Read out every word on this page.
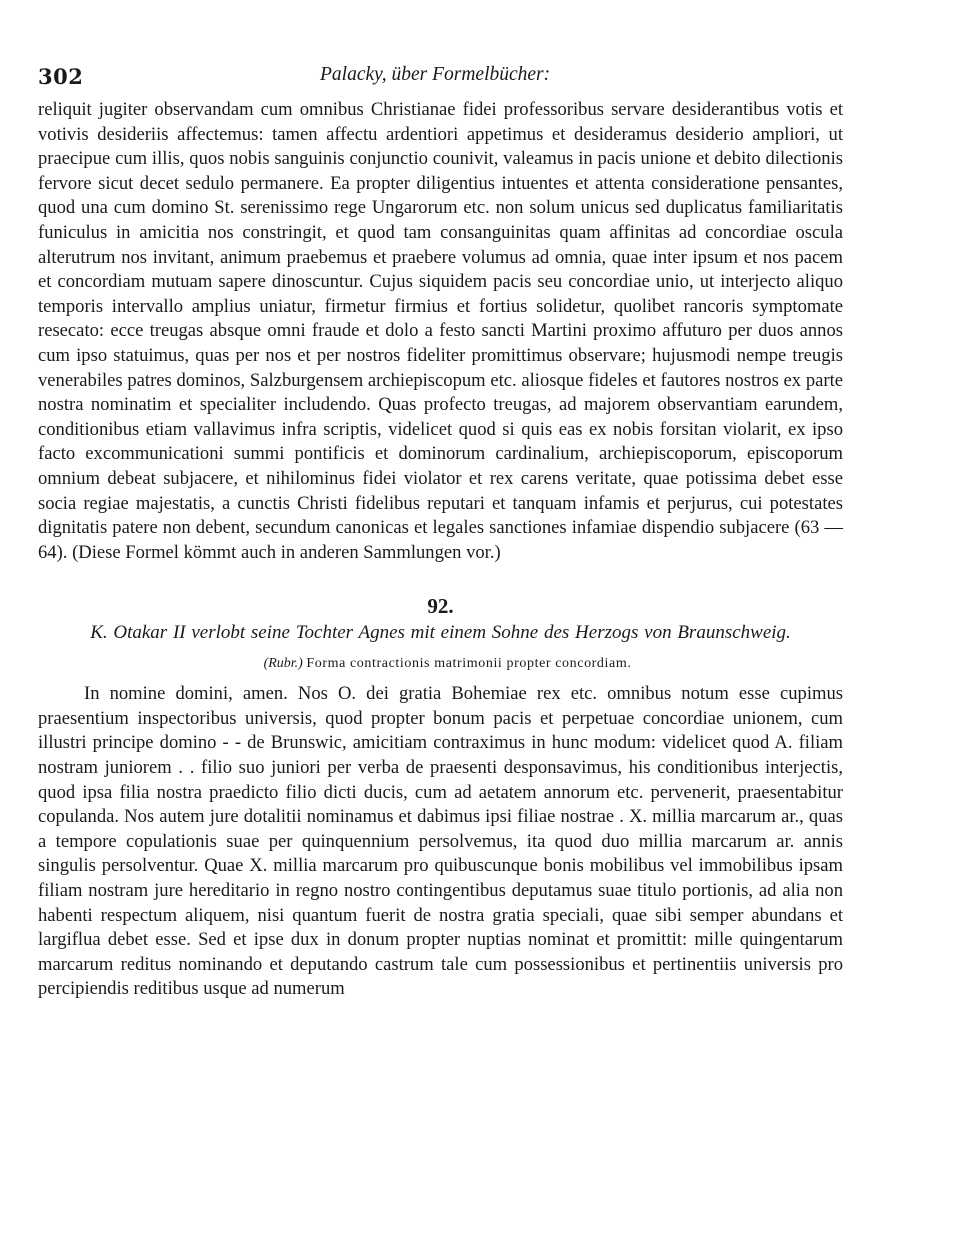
302	Palacky, über Formelbücher:

reliquit jugiter observandam cum omnibus Christianae fidei professoribus servare desiderantibus votis et votivis desideriis affectemus: tamen affectu ardentiori appetimus et desideramus desiderio ampliori, ut praecipue cum illis, quos nobis sanguinis conjunctio counivit, valeamus in pacis unione et debito dilectionis fervore sicut decet sedulo permanere. Ea propter diligentius intuentes et attenta consideratione pensantes, quod una cum domino St. serenissimo rege Ungarorum etc. non solum unicus sed duplicatus familiaritatis funiculus in amicitia nos constringit, et quod tam consanguinitas quam affinitas ad concordiae oscula alterutrum nos invitant, animum praebemus et praebere volumus ad omnia, quae inter ipsum et nos pacem et concordiam mutuam sapere dinoscuntur. Cujus siquidem pacis seu concordiae unio, ut interjecto aliquo temporis intervallo amplius uniatur, firmetur firmius et fortius solidetur, quolibet rancoris symptomate resecato: ecce treugas absque omni fraude et dolo a festo sancti Martini proximo affuturo per duos annos cum ipso statuimus, quas per nos et per nostros fideliter promittimus observare; hujusmodi nempe treugis venerabiles patres dominos, Salzburgensem archiepiscopum etc. aliosque fideles et fautores nostros ex parte nostra nominatim et specialiter includendo. Quas profecto treugas, ad majorem observantiam earundem, conditionibus etiam vallavimus infra scriptis, videlicet quod si quis eas ex nobis forsitan violarit, ex ipso facto excommunicationi summi pontificis et dominorum cardinalium, archiepiscoporum, episcoporum omnium debeat subjacere, et nihilominus fidei violator et rex carens veritate, quae potissima debet esse socia regiae majestatis, a cunctis Christi fidelibus reputari et tanquam infamis et perjurus, cui potestates dignitatis patere non debent, secundum canonicas et legales sanctiones infamiae dispendio subjacere (63 — 64). (Diese Formel kömmt auch in anderen Sammlungen vor.)

92.
K. Otakar II verlobt seine Tochter Agnes mit einem Sohne des Herzogs von Braunschweig.
(Rubr.) Forma contractionis matrimonii propter concordiam.

In nomine domini, amen. Nos O. dei gratia Bohemiae rex etc. omnibus notum esse cupimus praesentium inspectoribus universis, quod propter bonum pacis et perpetuae concordiae unionem, cum illustri principe domino - - de Brunswic, amicitiam contraximus in hunc modum: videlicet quod A. filiam nostram juniorem . . filio suo juniori per verba de praesenti desponsavimus, his conditionibus interjectis, quod ipsa filia nostra praedicto filio dicti ducis, cum ad aetatem annorum etc. pervenerit, praesentabitur copulanda. Nos autem jure dotalitii nominamus et dabimus ipsi filiae nostrae . X. millia marcarum ar., quas a tempore copulationis suae per quinquennium persolvemus, ita quod duo millia marcarum ar. annis singulis persolventur. Quae X. millia marcarum pro quibuscunque bonis mobilibus vel immobilibus ipsam filiam nostram jure hereditario in regno nostro contingentibus deputamus suae titulo portionis, ad alia non habenti respectum aliquem, nisi quantum fuerit de nostra gratia speciali, quae sibi semper abundans et largiflua debet esse. Sed et ipse dux in donum propter nuptias nominat et promittit: mille quingentarum marcarum reditus nominando et deputando castrum tale cum possessionibus et pertinentiis universis pro percipiendis reditibus usque ad numerum
